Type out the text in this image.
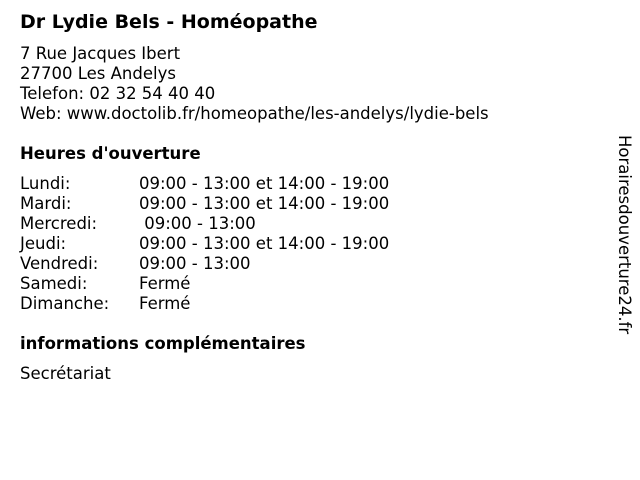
Dr Lydie Bels - Homéopathe
7 Rue Jacques Ibert
27700 Les Andelys
Telefon: 02 32 54 40 40
Web: www.doctolib.fr/homeopathe/les-andelys/lydie-bels
Heures d'ouverture
Lundi:	09:00 - 13:00 et 14:00 - 19:00
Mardi:	09:00 - 13:00 et 14:00 - 19:00
Mercredi:	09:00 - 13:00
Jeudi:	09:00 - 13:00 et 14:00 - 19:00
Vendredi: 09:00 - 13:00
Samedi:	Fermé
Dimanche: Fermé
informations complémentaires
Secrétariat
Horairesdouverture24.fr
